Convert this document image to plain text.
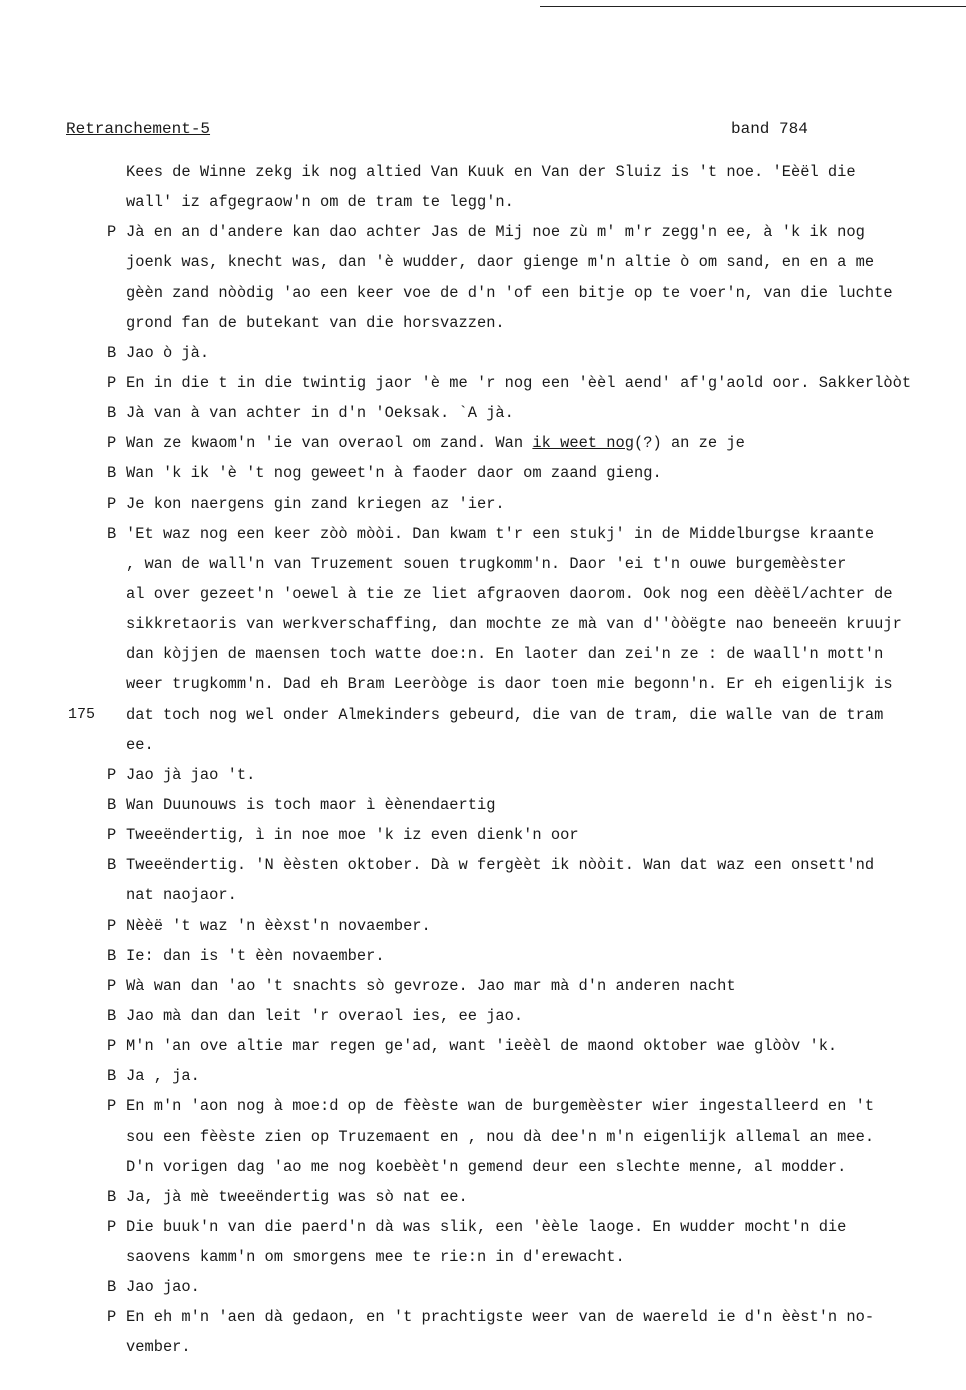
Retranchement-5	band 784
Kees de Winne zekg ik nog altied Van Kuuk en Van der Sluiz is 't noe. 'Eèël die
wall' iz afgegraow'n om de tram te legg'n.
P Jà en an d'andere kan dao achter Jas de Mij noe zù m' m'r zegg'n ee, à 'k ik nog
joenk was, knecht was, dan 'è wudder, daor gienge m'n altie ò om sand, en en a me
gèèn zand nòòdig 'ao een keer voe de d'n 'of een bitje op te voer'n, van die luchte
grond fan de butekant van die horsvazzen.
B Jao ò jà.
P En in die t in die twintig jaor 'è me 'r nog een 'èèl aend' af'g'aold oor. Sakkerlòòt
B Jà van à van achter in d'n 'Oeksak. `A jà.
P Wan ze kwaom'n 'ie van overaol om zand. Wan ik weet nog(?) an ze je
B Wan 'k ik 'è 't nog geweet'n à faoder daor om zaand gieng.
P Je kon naergens gin zand kriegen az 'ier.
B 'Et waz nog een keer zòò mòòi. Dan kwam t'r een stukj' in de Middelburgse kraante
, wan de wall'n van Truzement souen trugkomm'n. Daor 'ei t'n ouwe burgemèèster
al over gezeet'n 'oewel à tie ze liet afgraoven daorom. Ook nog een dèèël/achter de
sikkretaoris van werkverschaffing, dan mochte ze mà van d''òòëgte nao beneeën kruujr
dan kòjjen de maensen toch watte doe:n. En laoter dan zei'n ze : de waall'n mott'n
weer trugkomm'n. Dad eh Bram Leeròòge is daor toen mie begonn'n. Er eh eigenlijk is
175 dat toch nog wel onder Almekinders gebeurd, die van de tram, die walle van de tram
ee.
P Jao jà jao 't.
B Wan Duunouws is toch maor ì èènendaertig
P Tweeëndertig, ì in noe moe 'k iz even dienk'n oor
B Tweeëndertig. 'N èèsten oktober. Dà w fergèèt ik nòòit. Wan dat waz een onsett'nd
nat naojaor.
P Nèèë 't waz 'n èèxst'n novaember.
B Ie: dan is 't èèn novaember.
P Wà wan dan 'ao 't snachts sò gevroze. Jao mar mà d'n anderen nacht
B Jao mà dan dan leit 'r overaol ies, ee jao.
P M'n 'an ove altie mar regen ge'ad, want 'ieèèl de maond oktober wae glòòv 'k.
B Ja , ja.
P En m'n 'aon nog à moe:d op de fèèste wan de burgemèèster wier ingestalleerd en 't
sou een fèèste zien op Truzemaent en , nou dà dee'n m'n eigenlijk allemal an mee.
D'n vorigen dag 'ao me nog koebèèt'n gemend deur een slechte menne, al modder.
B Ja, jà mè tweeëndertig was sò nat ee.
P Die buuk'n van die paerd'n dà was slik, een 'èèle laoge. En wudder mocht'n die
saovens kamm'n om smorgens mee te rie:n in d'erewacht.
B Jao jao.
P En eh m'n 'aen dà gedaon, en 't prachtigste weer van de waereld ie d'n èèst'n no-
vember.
